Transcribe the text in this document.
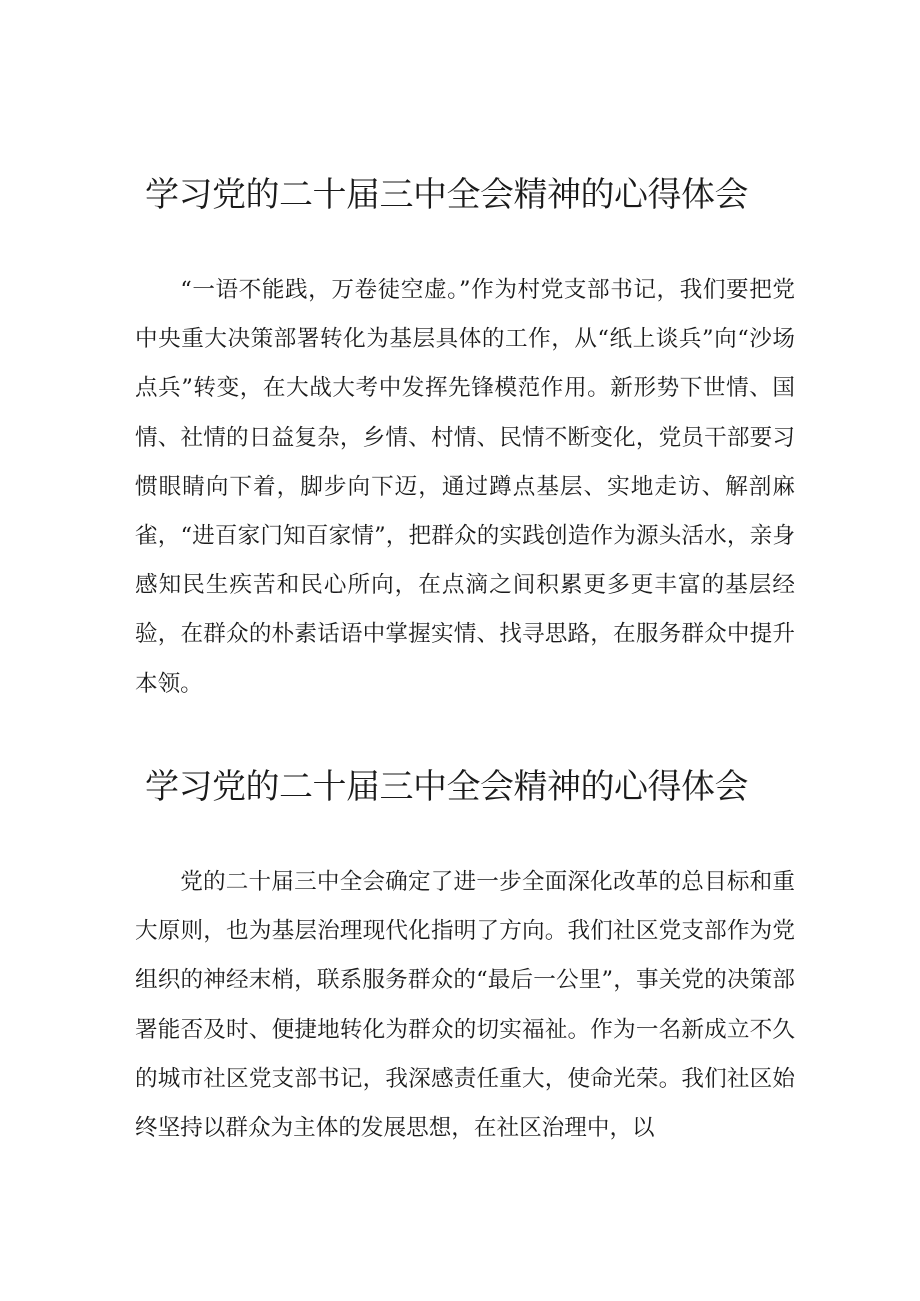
学习党的二十届三中全会精神的心得体会

“一语不能践，万卷徒空虚。”作为村党支部书记，我们要把党中央重大决策部署转化为基层具体的工作，从“纸上谈兵”向“沙场点兵”转变，在大战大考中发挥先锋模范作用。新形势下世情、国情、社情的日益复杂，乡情、村情、民情不断变化，党员干部要习惯眼睛向下着，脚步向下迈，通过蹲点基层、实地走访、解剖麻雀，“进百家门知百家情”，把群众的实践创造作为源头活水，亲身感知民生疾苦和民心所向，在点滴之间积累更多更丰富的基层经验，在群众的朴素话语中掌握实情、找寻思路，在服务群众中提升本领。

学习党的二十届三中全会精神的心得体会

党的二十届三中全会确定了进一步全面深化改革的总目标和重大原则，也为基层治理现代化指明了方向。我们社区党支部作为党组织的神经末梢，联系服务群众的“最后一公里”，事关党的决策部署能否及时、便捷地转化为群众的切实福祉。作为一名新成立不久的城市社区党支部书记，我深感责任重大，使命光荣。我们社区始终坚持以群众为主体的发展思想，在社区治理中，以
